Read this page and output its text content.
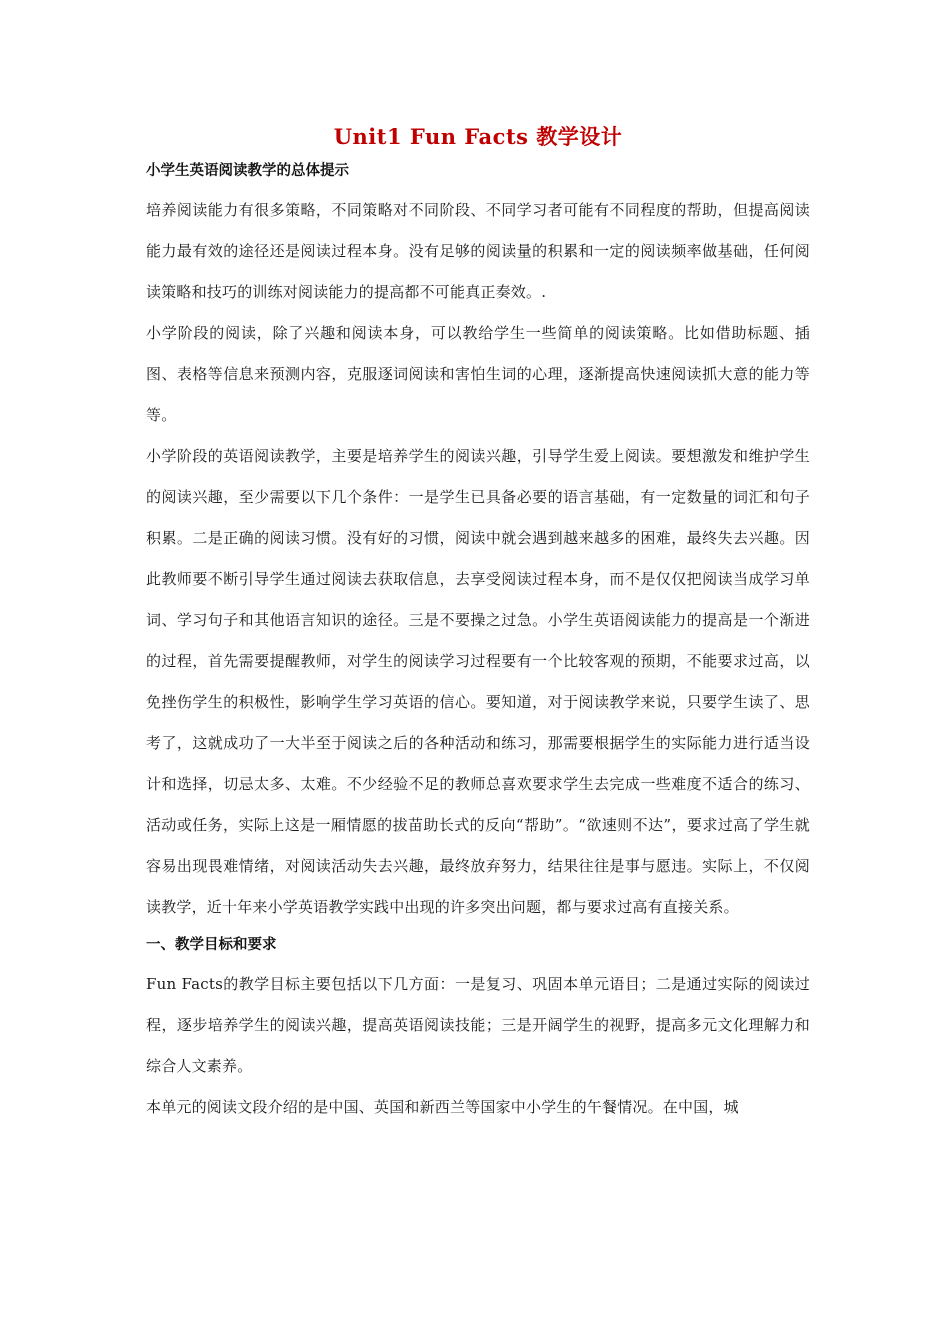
Unit1 Fun Facts 教学设计
小学生英语阅读教学的总体提示

培养阅读能力有很多策略，不同策略对不同阶段、不同学习者可能有不同程度的帮助，但提高阅读能力最有效的途径还是阅读过程本身。没有足够的阅读量的积累和一定的阅读频率做基础，任何阅读策略和技巧的训练对阅读能力的提高都不可能真正奏效。.

小学阶段的阅读，除了兴趣和阅读本身，可以教给学生一些简单的阅读策略。比如借助标题、插图、表格等信息来预测内容，克服逐词阅读和害怕生词的心理，逐渐提高快速阅读抓大意的能力等等。

小学阶段的英语阅读教学，主要是培养学生的阅读兴趣，引导学生爱上阅读。要想激发和维护学生的阅读兴趣，至少需要以下几个条件：一是学生已具备必要的语言基础，有一定数量的词汇和句子积累。二是正确的阅读习惯。没有好的习惯，阅读中就会遇到越来越多的困难，最终失去兴趣。因此教师要不断引导学生通过阅读去获取信息，去享受阅读过程本身，而不是仅仅把阅读当成学习单词、学习句子和其他语言知识的途径。三是不要操之过急。小学生英语阅读能力的提高是一个渐进的过程，首先需要提醒教师，对学生的阅读学习过程要有一个比较客观的预期，不能要求过高，以免挫伤学生的积极性，影响学生学习英语的信心。要知道，对于阅读教学来说，只要学生读了、思考了，这就成功了一大半至于阅读之后的各种活动和练习，那需要根据学生的实际能力进行适当设计和选择，切忌太多、太难。不少经验不足的教师总喜欢要求学生去完成一些难度不适合的练习、活动或任务，实际上这是一厢情愿的拔苗助长式的反向“帮助”。“欲速则不达”，要求过高了学生就容易出现畏难情绪，对阅读活动失去兴趣，最终放弃努力，结果往往是事与愿违。实际上，不仅阅读教学，近十年来小学英语教学实践中出现的许多突出问题，都与要求过高有直接关系。

一、教学目标和要求

Fun Facts的教学目标主要包括以下几方面：一是复习、巩固本单元语目；二是通过实际的阅读过程，逐步培养学生的阅读兴趣，提高英语阅读技能；三是开阔学生的视野，提高多元文化理解力和综合人文素养。

本单元的阅读文段介绍的是中国、英国和新西兰等国家中小学生的午餐情况。在中国，城
